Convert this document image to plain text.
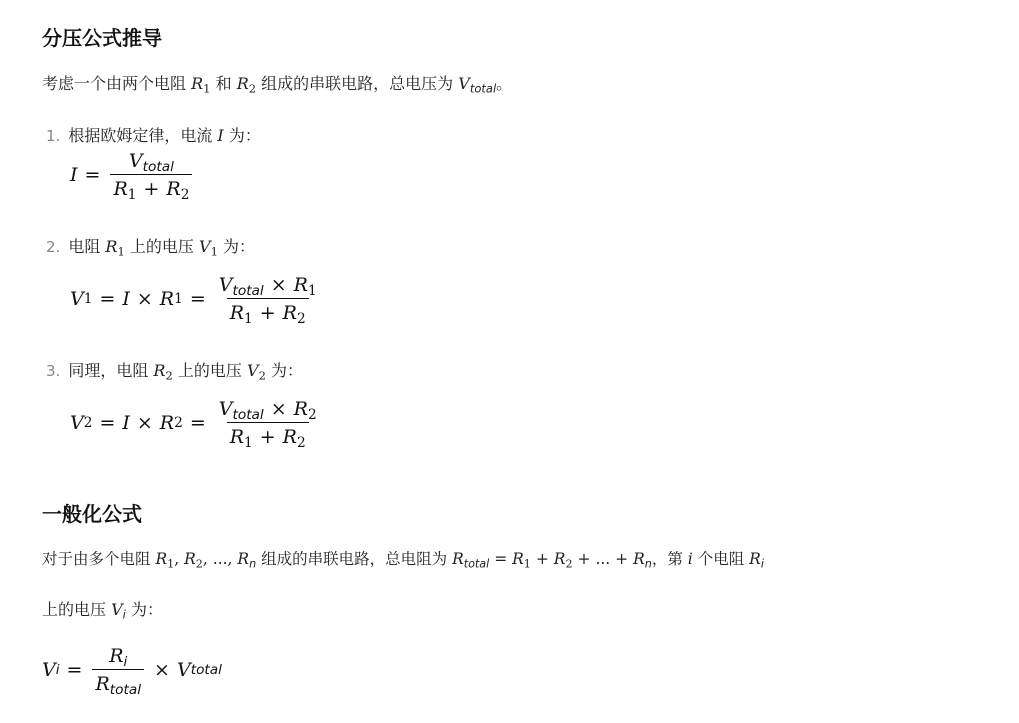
分压公式推导
考虑一个由两个电阻 $R_1$ 和 $R_2$ 组成的串联电路，总电压为 $V_{total}$。
1. 根据欧姆定律，电流 I 为：
$I = \frac{V_{total}}{R_1 + R_2}$
2. 电阻 $R_1$ 上的电压 $V_1$ 为：
V 1 = I × R $1 = \frac{V_{total} \times R_1}{R_1 + R_2}$
3. 同理，电阻 $R_2$ 上的电压 $V_2$ 为：
V 2 = I × R $2 = \frac{V_{total} \times R_2}{R_1 + R_2}$
一般化公式
对于由多个电阻 $R_1$, $R_2$, ..., $R_n$ 组成的串联电路，总电阻为 $R_{total} = R_1 + R_2$ + ... + $R_n$，第 i 个电阻 $R_i$
上的电压 $V_i$ 为：
V $i = \frac{R_i}{R_{total}} \times V$ total
